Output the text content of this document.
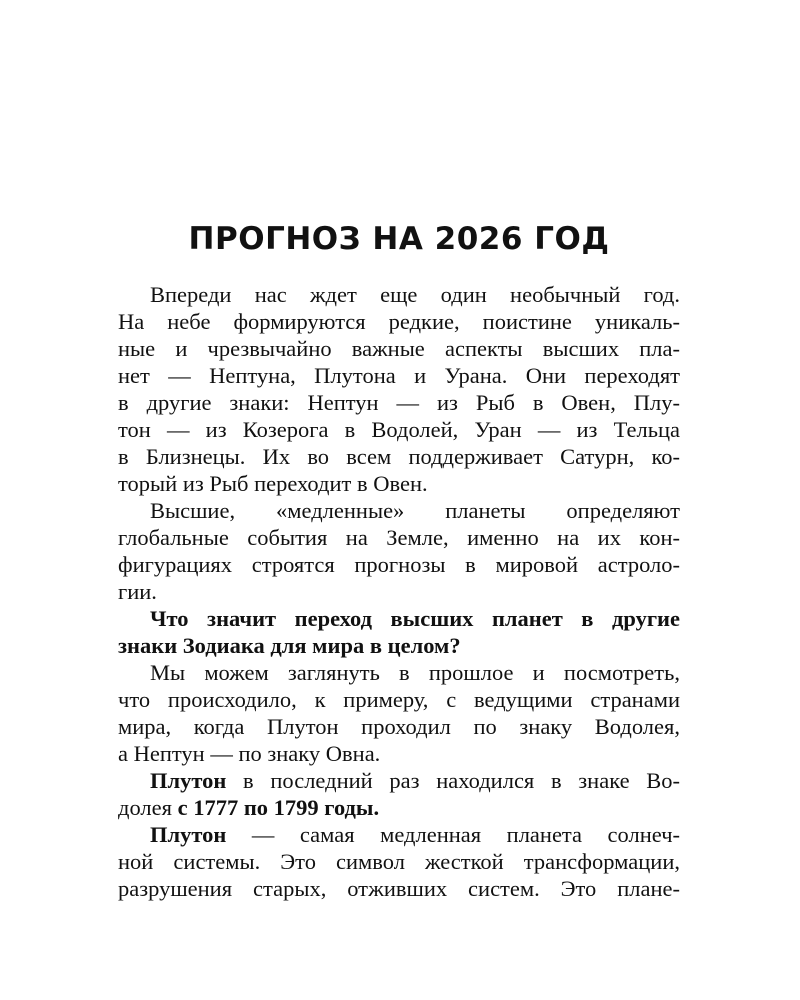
ПРОГНОЗ НА 2026 ГОД
Впереди нас ждет еще один необычный год.
На небе формируются редкие, поистине уникаль-
ные и чрезвычайно важные аспекты высших пла-
нет — Нептуна, Плутона и Урана. Они переходят
в другие знаки: Нептун — из Рыб в Овен, Плу-
тон — из Козерога в Водолей, Уран — из Тельца
в Близнецы. Их во всем поддерживает Сатурн, ко-
торый из Рыб переходит в Овен.
Высшие, «медленные» планеты определяют
глобальные события на Земле, именно на их кон-
фигурациях строятся прогнозы в мировой астроло-
гии.
Что значит переход высших планет в другие
знаки Зодиака для мира в целом?
Мы можем заглянуть в прошлое и посмотреть,
что происходило, к примеру, с ведущими странами
мира, когда Плутон проходил по знаку Водолея,
а Нептун — по знаку Овна.
Плутон в последний раз находился в знаке Во-
долея с 1777 по 1799 годы.
Плутон — самая медленная планета солнеч-
ной системы. Это символ жесткой трансформации,
разрушения старых, отживших систем. Это плане-
